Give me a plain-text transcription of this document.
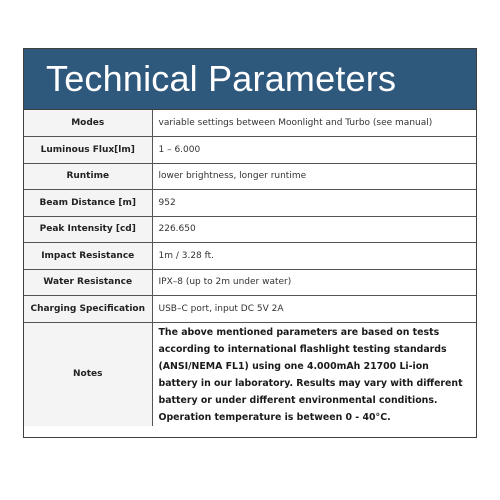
Technical Parameters
Modes	variable settings between Moonlight and Turbo (see manual)
Luminous Flux[lm]	1 – 6.000
Runtime	lower brightness, longer runtime
Beam Distance [m]	952
Peak Intensity [cd]	226.650
Impact Resistance	1m / 3.28 ft.
Water Resistance	IPX–8 (up to 2m under water)
Charging Specification	USB–C port, input DC 5V 2A
Notes	The above mentioned parameters are based on tests according to international flashlight testing standards (ANSI/NEMA FL1) using one 4.000mAh 21700 Li-ion battery in our laboratory. Results may vary with different battery or under different environmental conditions. Operation temperature is between 0 - 40°C.
